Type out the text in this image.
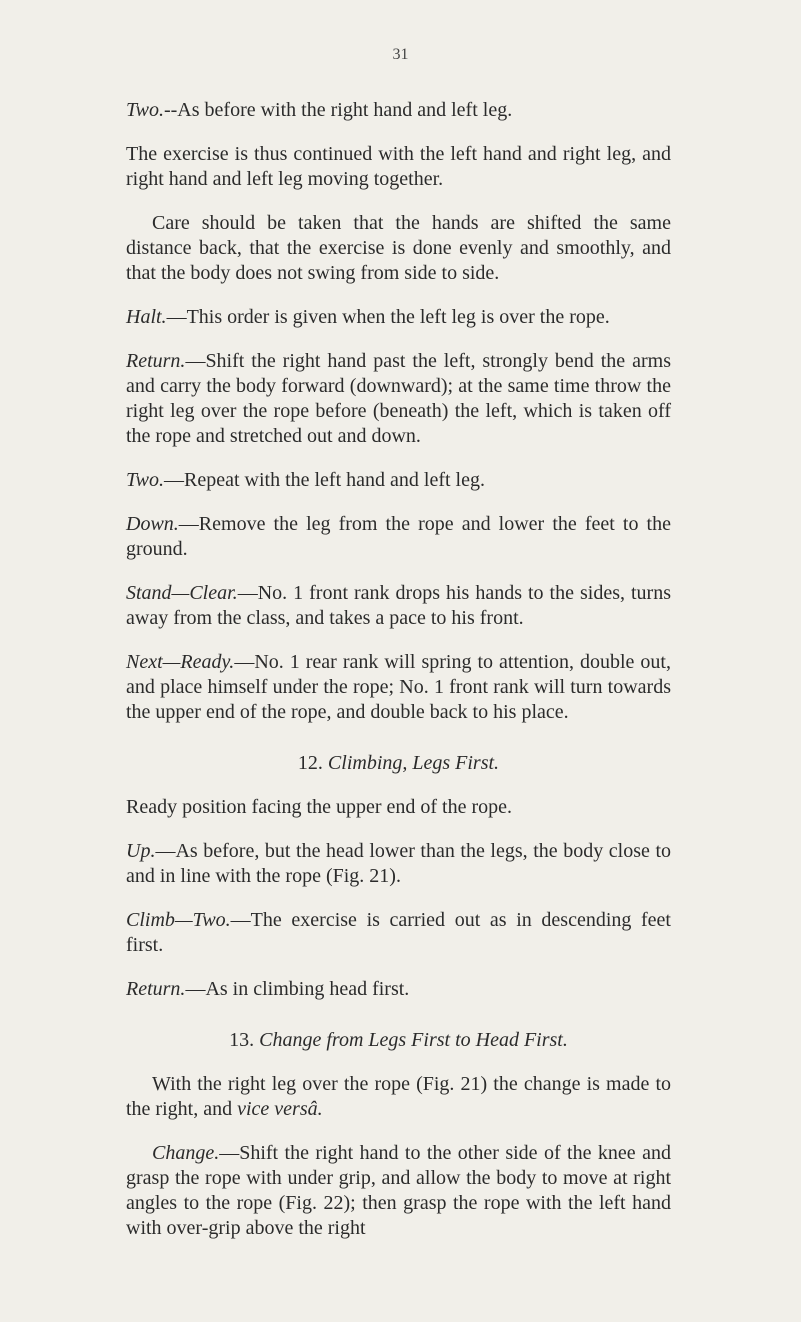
31

Two.--As before with the right hand and left leg.

The exercise is thus continued with the left hand and right leg, and right hand and left leg moving together.

Care should be taken that the hands are shifted the same distance back, that the exercise is done evenly and smoothly, and that the body does not swing from side to side.

Halt.—This order is given when the left leg is over the rope.

Return.—Shift the right hand past the left, strongly bend the arms and carry the body forward (downward); at the same time throw the right leg over the rope before (beneath) the left, which is taken off the rope and stretched out and down.

Two.—Repeat with the left hand and left leg.

Down.—Remove the leg from the rope and lower the feet to the ground.

Stand—Clear.—No. 1 front rank drops his hands to the sides, turns away from the class, and takes a pace to his front.

Next—Ready.—No. 1 rear rank will spring to attention, double out, and place himself under the rope; No. 1 front rank will turn towards the upper end of the rope, and double back to his place.

12. Climbing, Legs First.

Ready position facing the upper end of the rope.

Up.—As before, but the head lower than the legs, the body close to and in line with the rope (Fig. 21).

Climb—Two.—The exercise is carried out as in descending feet first.

Return.—As in climbing head first.

13. Change from Legs First to Head First.

With the right leg over the rope (Fig. 21) the change is made to the right, and vice versâ.

Change.—Shift the right hand to the other side of the knee and grasp the rope with under grip, and allow the body to move at right angles to the rope (Fig. 22); then grasp the rope with the left hand with over-grip above the right
